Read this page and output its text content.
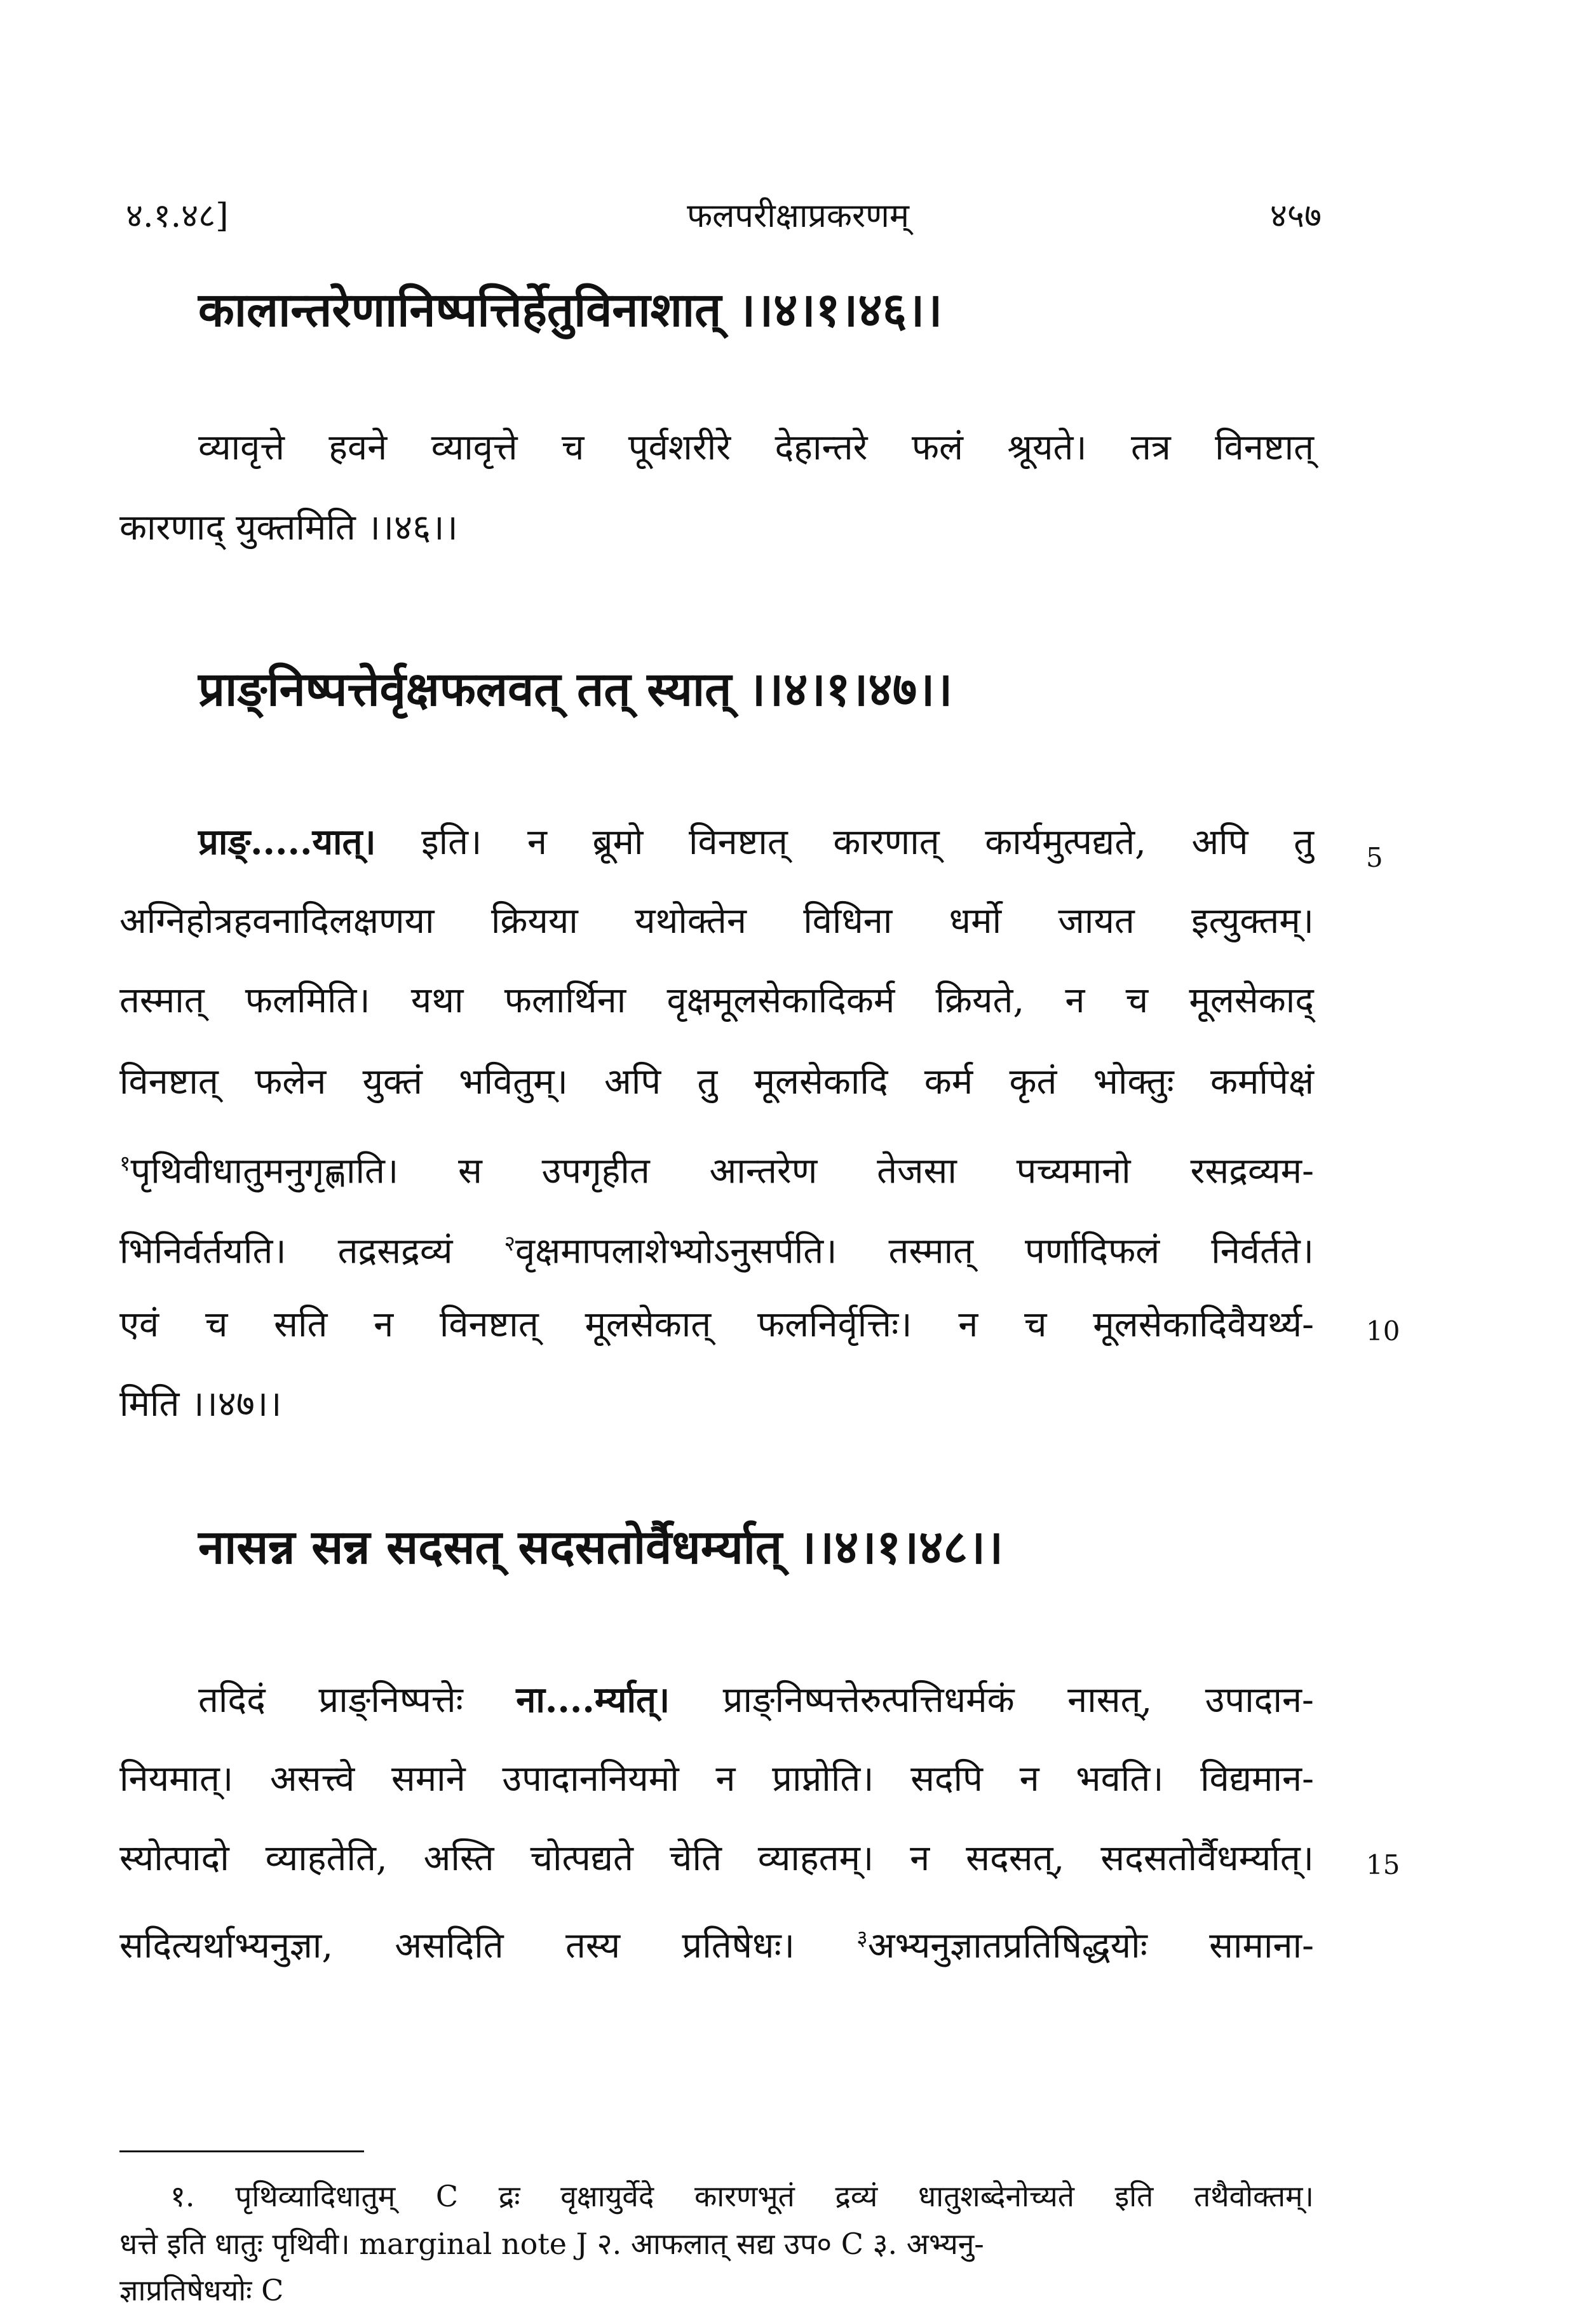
४.१.४८]	फलपरीक्षाप्रकरणम्	४५७
कालान्तरेणानिष्पत्तिर्हेतुविनाशात् ।।४।१।४६।।
व्यावृत्ते हवने व्यावृत्ते च पूर्वशरीरे देहान्तरे फलं श्रूयते। तत्र विनष्टात्
कारणाद् युक्तमिति ।।४६।।
प्राङ्निष्पत्तेर्वृक्षफलवत् तत् स्यात् ।।४।१।४७।।
प्राङ्.....यात्। इति। न ब्रूमो विनष्टात् कारणात् कार्यमुत्पद्यते, अपि तु 5
अग्निहोत्रहवनादिलक्षणया क्रियया यथोक्तेन विधिना धर्मो जायत इत्युक्तम्।
तस्मात् फलमिति। यथा फलार्थिना वृक्षमूलसेकादिकर्म क्रियते, न च मूलसेकाद्
विनष्टात् फलेन युक्तं भवितुम्। अपि तु मूलसेकादि कर्म कृतं भोक्तुः कर्मापेक्षं
$^१$पृथिवीधातुमनुगृह्णाति। स उपगृहीत आन्तरेण तेजसा पच्यमानो रसद्रव्यम-
भिनिर्वर्तयति। तद्रसद्रव्यं $^२$वृक्षमापलाशेभ्योऽनुसर्पति। तस्मात् पर्णादिफलं निर्वर्तते।
एवं च सति न विनष्टात् मूलसेकात् फलनिर्वृत्तिः। न च मूलसेकादिवैयर्थ्य- 10
मिति ।।४७।।
नासन्न सन्न सदसत् सदसतोर्वैधर्म्यात् ।।४।१।४८।।
तदिदं प्राङ्निष्पत्तेः ना....र्म्यात्। प्राङ्निष्पत्तेरुत्पत्तिधर्मकं नासत्, उपादान-
नियमात्। असत्त्वे समाने उपादाननियमो न प्राप्नोति। सदपि न भवति। विद्यमान-
स्योत्पादो व्याहतेति, अस्ति चोत्पद्यते चेति व्याहतम्। न सदसत्, सदसतोर्वैधर्म्यात्। 15
सदित्यर्थाभ्यनुज्ञा, असदिति तस्य प्रतिषेधः। $^३$अभ्यनुज्ञातप्रतिषिद्धयोः सामाना-
१. पृथिव्यादिधातुम् C द्रः वृक्षायुर्वेदे कारणभूतं द्रव्यं धातुशब्देनोच्यते इति तथैवोक्तम्।
धत्ते इति धातुः पृथिवी। marginal note J २. आफलात् सद्य उप० C ३. अभ्यनु-
ज्ञाप्रतिषेधयोः C
